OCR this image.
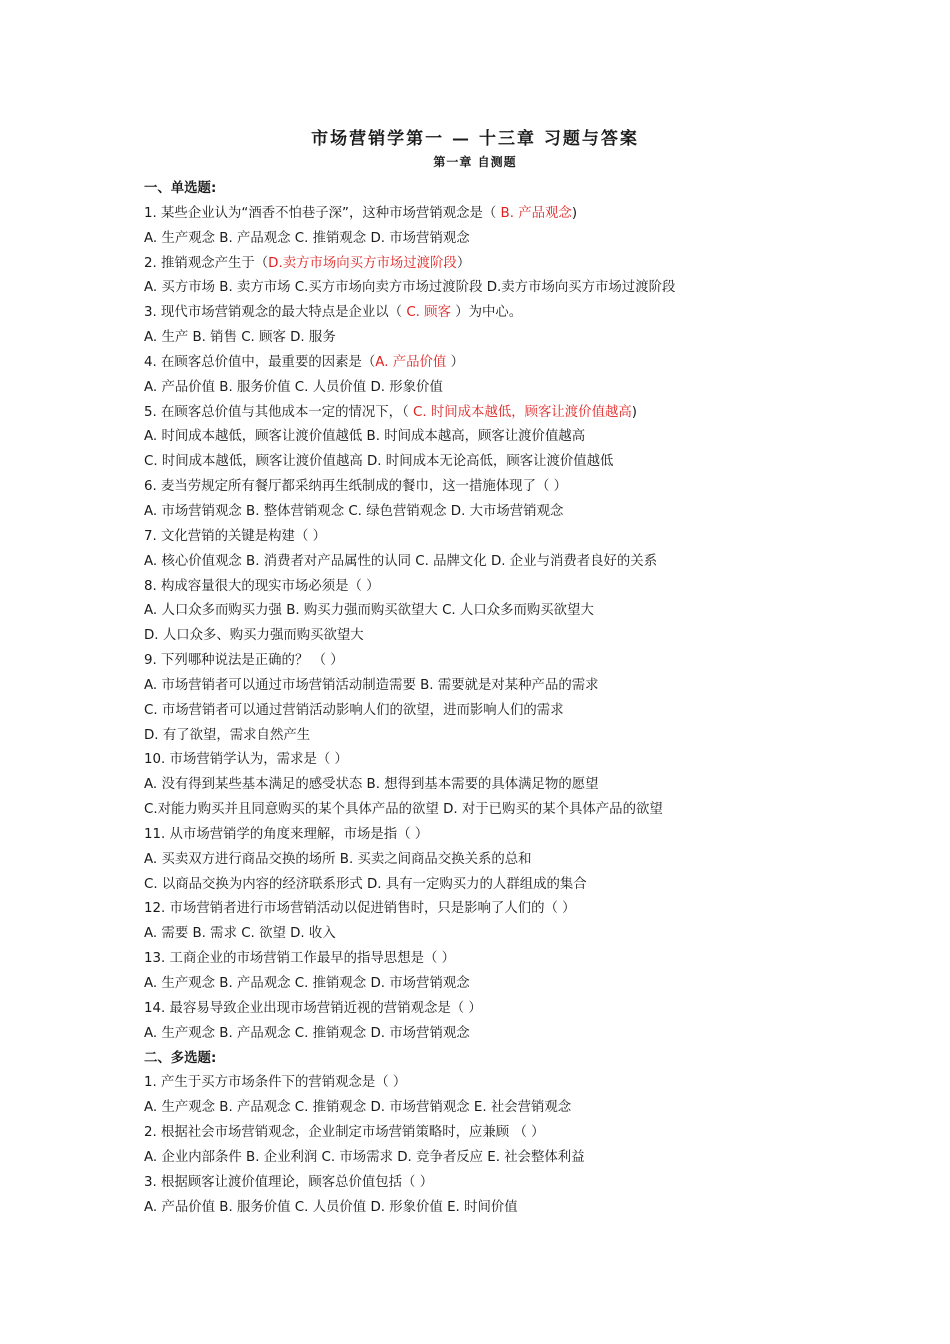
市场营销学第一 — 十三章 习题与答案
第一章 自测题
一、单选题:
1. 某些企业认为“酒香不怕巷子深”，这种市场营销观念是（ B. 产品观念)
A. 生产观念 B. 产品观念 C. 推销观念 D. 市场营销观念
2. 推销观念产生于（D.卖方市场向买方市场过渡阶段）
A. 买方市场 B. 卖方市场 C.买方市场向卖方市场过渡阶段 D.卖方市场向买方市场过渡阶段
3. 现代市场营销观念的最大特点是企业以（ C. 顾客 ）为中心。
A. 生产 B. 销售 C. 顾客 D. 服务
4. 在顾客总价值中，最重要的因素是（A. 产品价值 ）
A. 产品价值 B. 服务价值 C. 人员价值 D. 形象价值
5. 在顾客总价值与其他成本一定的情况下，（ C. 时间成本越低，顾客让渡价值越高)
A. 时间成本越低，顾客让渡价值越低 B. 时间成本越高，顾客让渡价值越高
C. 时间成本越低，顾客让渡价值越高 D. 时间成本无论高低，顾客让渡价值越低
6. 麦当劳规定所有餐厅都采纳再生纸制成的餐巾，这一措施体现了（ ）
A. 市场营销观念 B. 整体营销观念 C. 绿色营销观念 D. 大市场营销观念
7. 文化营销的关键是构建（ ）
A. 核心价值观念 B. 消费者对产品属性的认同 C. 品牌文化 D. 企业与消费者良好的关系
8. 构成容量很大的现实市场必须是（ ）
A. 人口众多而购买力强 B. 购买力强而购买欲望大 C. 人口众多而购买欲望大
D. 人口众多、购买力强而购买欲望大
9. 下列哪种说法是正确的？ （ ）
A. 市场营销者可以通过市场营销活动制造需要 B. 需要就是对某种产品的需求
C. 市场营销者可以通过营销活动影响人们的欲望，进而影响人们的需求
D. 有了欲望，需求自然产生
10. 市场营销学认为，需求是（ ）
A. 没有得到某些基本满足的感受状态 B. 想得到基本需要的具体满足物的愿望
C.对能力购买并且同意购买的某个具体产品的欲望 D. 对于已购买的某个具体产品的欲望
11. 从市场营销学的角度来理解，市场是指（ ）
A. 买卖双方进行商品交换的场所 B. 买卖之间商品交换关系的总和
C. 以商品交换为内容的经济联系形式 D. 具有一定购买力的人群组成的集合
12. 市场营销者进行市场营销活动以促进销售时，只是影响了人们的（ ）
A. 需要 B. 需求 C. 欲望 D. 收入
13. 工商企业的市场营销工作最早的指导思想是（ ）
A. 生产观念 B. 产品观念 C. 推销观念 D. 市场营销观念
14. 最容易导致企业出现市场营销近视的营销观念是（ ）
A. 生产观念 B. 产品观念 C. 推销观念 D. 市场营销观念
二、多选题:
1. 产生于买方市场条件下的营销观念是（ ）
A. 生产观念 B. 产品观念 C. 推销观念 D. 市场营销观念 E. 社会营销观念
2. 根据社会市场营销观念，企业制定市场营销策略时，应兼顾 （ ）
A. 企业内部条件 B. 企业利润 C. 市场需求 D. 竞争者反应 E. 社会整体利益
3. 根据顾客让渡价值理论，顾客总价值包括（ ）
A. 产品价值 B. 服务价值 C. 人员价值 D. 形象价值 E. 时间价值
